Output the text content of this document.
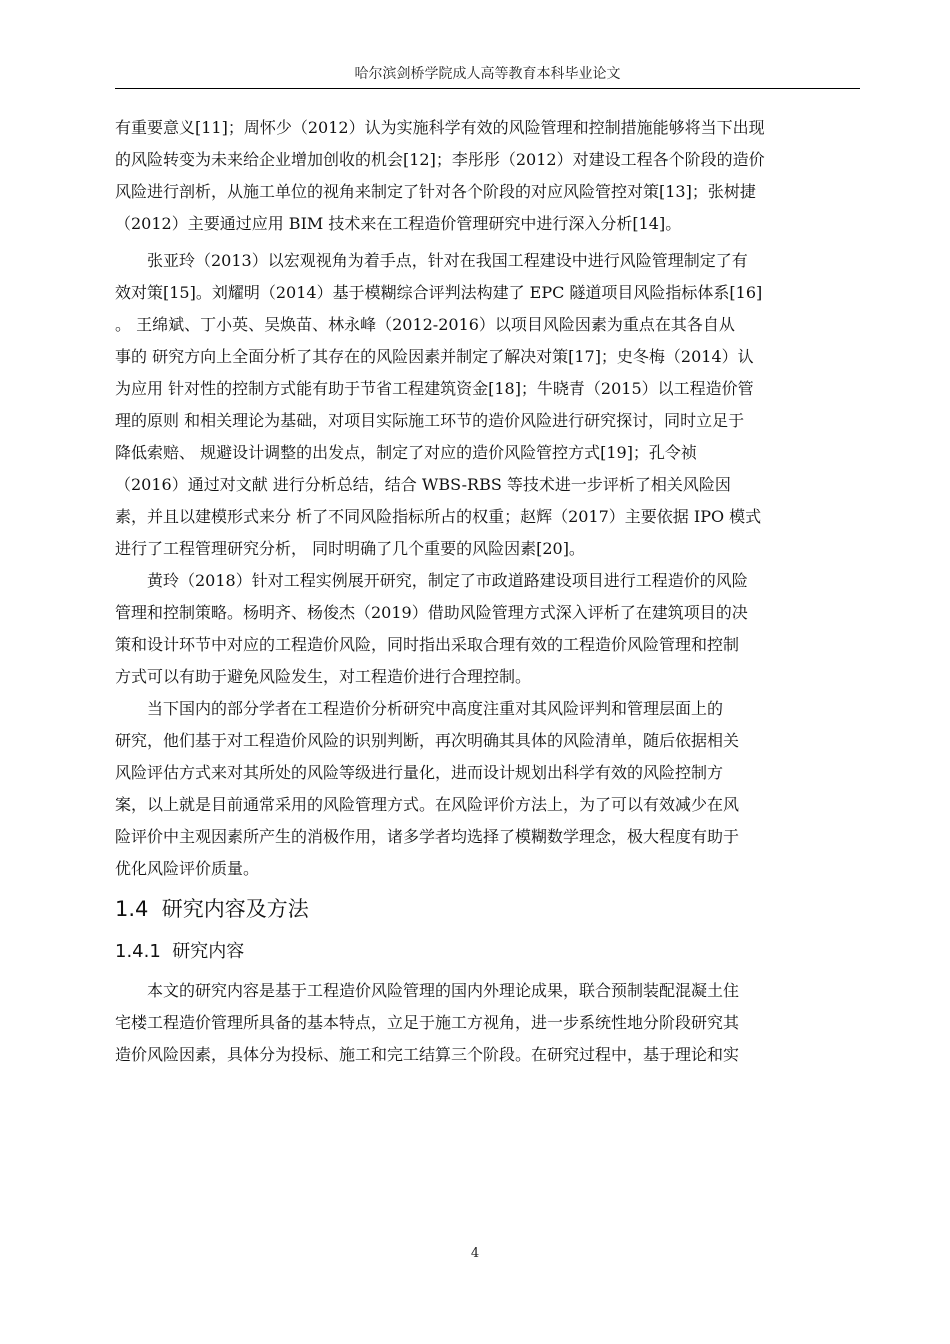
哈尔滨剑桥学院成人高等教育本科毕业论文
有重要意义[11]；周怀少（2012）认为实施科学有效的风险管理和控制措施能够将当下出现
的风险转变为未来给企业增加创收的机会[12]；李彤彤（2012）对建设工程各个阶段的造价
风险进行剖析，从施工单位的视角来制定了针对各个阶段的对应风险管控对策[13]；张树捷
（2012）主要通过应用 BIM 技术来在工程造价管理研究中进行深入分析[14]。
　　张亚玲（2013）以宏观视角为着手点，针对在我国工程建设中进行风险管理制定了有
效对策[15]。刘耀明（2014）基于模糊综合评判法构建了 EPC 隧道项目风险指标体系[16]
。 王绵斌、丁小英、吴焕苗、林永峰（2012-2016）以项目风险因素为重点在其各自从
事的 研究方向上全面分析了其存在的风险因素并制定了解决对策[17]；史冬梅（2014）认
为应用 针对性的控制方式能有助于节省工程建筑资金[18]；牛晓青（2015）以工程造价管
理的原则 和相关理论为基础，对项目实际施工环节的造价风险进行研究探讨，同时立足于
降低索赔、 规避设计调整的出发点，制定了对应的造价风险管控方式[19]；孔令祯
（2016）通过对文献 进行分析总结，结合 WBS-RBS 等技术进一步评析了相关风险因
素，并且以建模形式来分 析了不同风险指标所占的权重；赵辉（2017）主要依据 IPO 模式
进行了工程管理研究分析， 同时明确了几个重要的风险因素[20]。
　　黄玲（2018）针对工程实例展开研究，制定了市政道路建设项目进行工程造价的风险
管理和控制策略。杨明齐、杨俊杰（2019）借助风险管理方式深入评析了在建筑项目的决
策和设计环节中对应的工程造价风险，同时指出采取合理有效的工程造价风险管理和控制
方式可以有助于避免风险发生，对工程造价进行合理控制。
　　当下国内的部分学者在工程造价分析研究中高度注重对其风险评判和管理层面上的
研究，他们基于对工程造价风险的识别判断，再次明确其具体的风险清单，随后依据相关
风险评估方式来对其所处的风险等级进行量化，进而设计规划出科学有效的风险控制方
案，以上就是目前通常采用的风险管理方式。在风险评价方法上，为了可以有效减少在风
险评价中主观因素所产生的消极作用，诸多学者均选择了模糊数学理念，极大程度有助于
优化风险评价质量。
1.4 研究内容及方法
1.4.1 研究内容
　　本文的研究内容是基于工程造价风险管理的国内外理论成果，联合预制装配混凝土住
宅楼工程造价管理所具备的基本特点，立足于施工方视角，进一步系统性地分阶段研究其
造价风险因素，具体分为投标、施工和完工结算三个阶段。在研究过程中，基于理论和实
4
